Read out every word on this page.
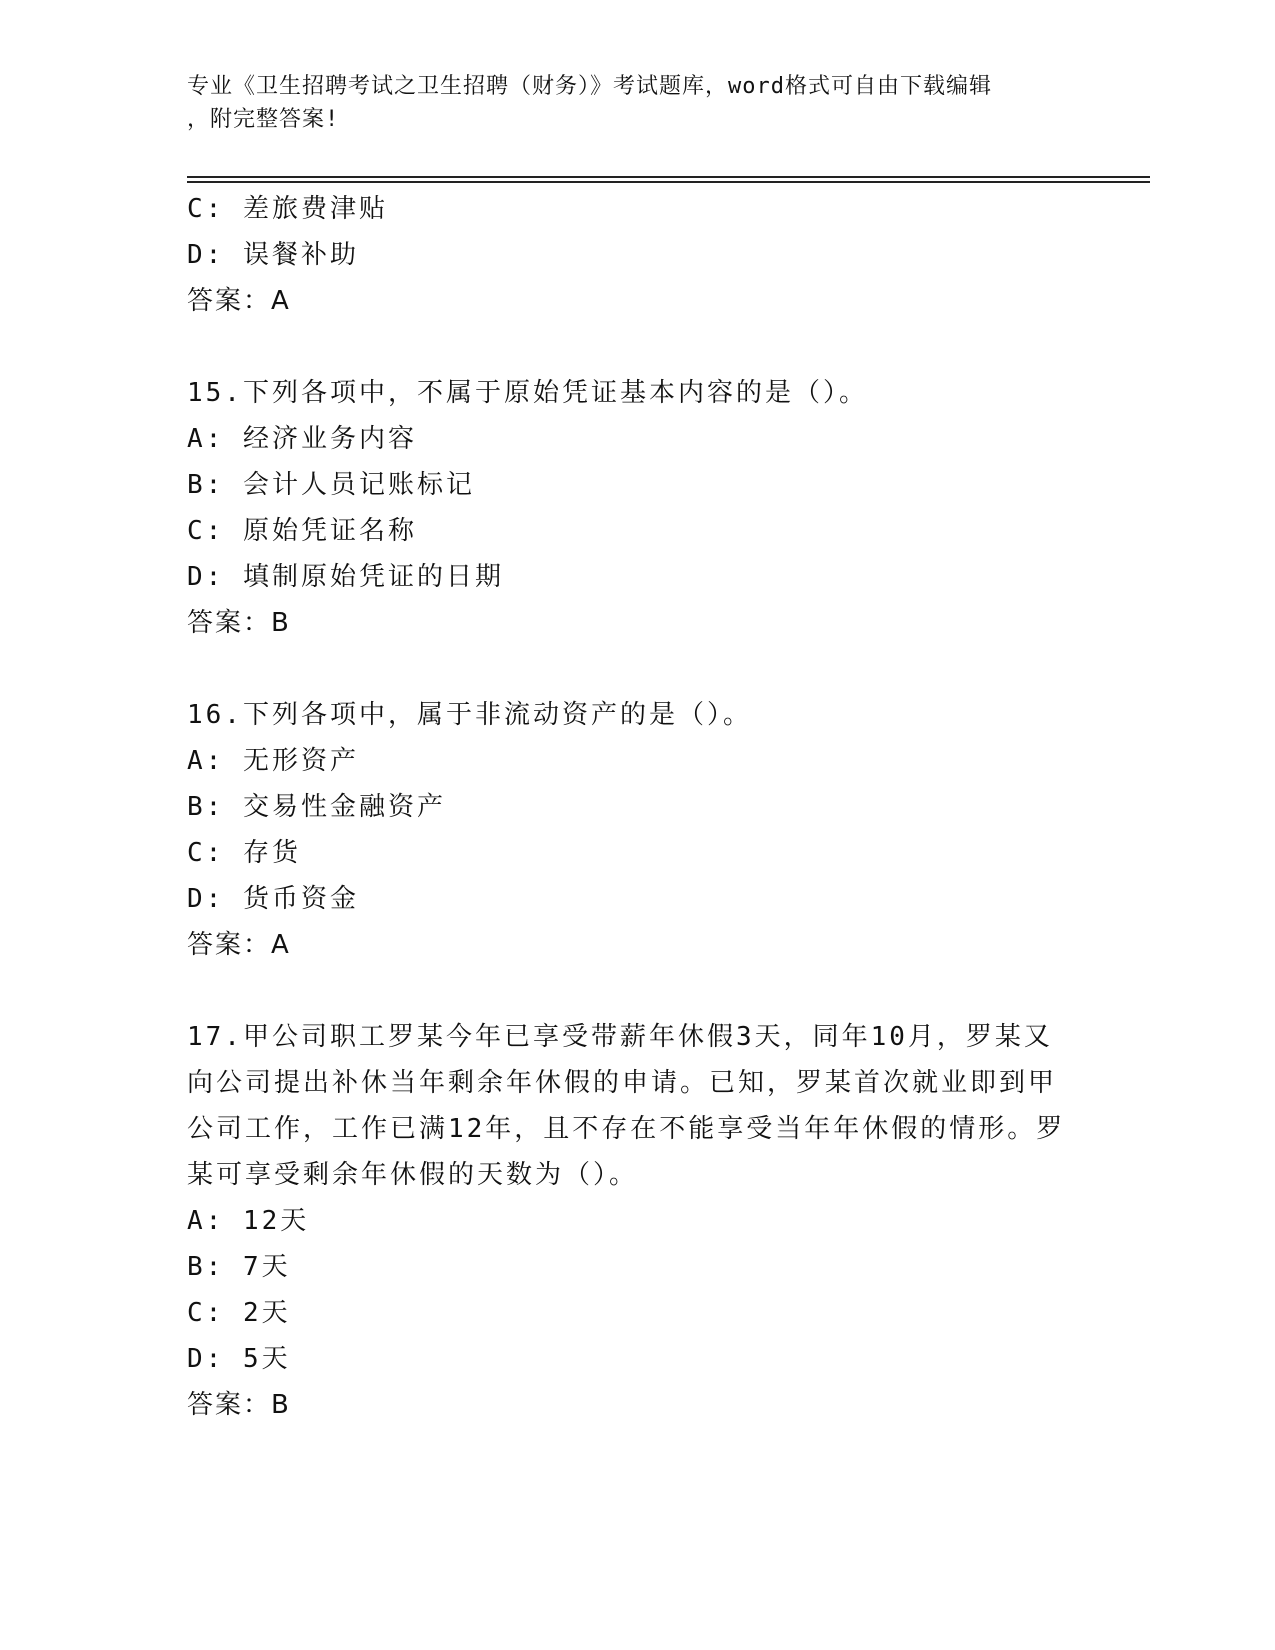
专业《卫生招聘考试之卫生招聘（财务）》考试题库，word格式可自由下载编辑
，附完整答案!
C: 差旅费津贴
D: 误餐补助
答案：A
15.下列各项中，不属于原始凭证基本内容的是（）。
A: 经济业务内容
B: 会计人员记账标记
C: 原始凭证名称
D: 填制原始凭证的日期
答案：B
16.下列各项中，属于非流动资产的是（）。
A: 无形资产
B: 交易性金融资产
C: 存货
D: 货币资金
答案：A
17.甲公司职工罗某今年已享受带薪年休假3天，同年10月，罗某又
向公司提出补休当年剩余年休假的申请。已知，罗某首次就业即到甲
公司工作，工作已满12年，且不存在不能享受当年年休假的情形。罗
某可享受剩余年休假的天数为（）。
A: 12天
B: 7天
C: 2天
D: 5天
答案：B
